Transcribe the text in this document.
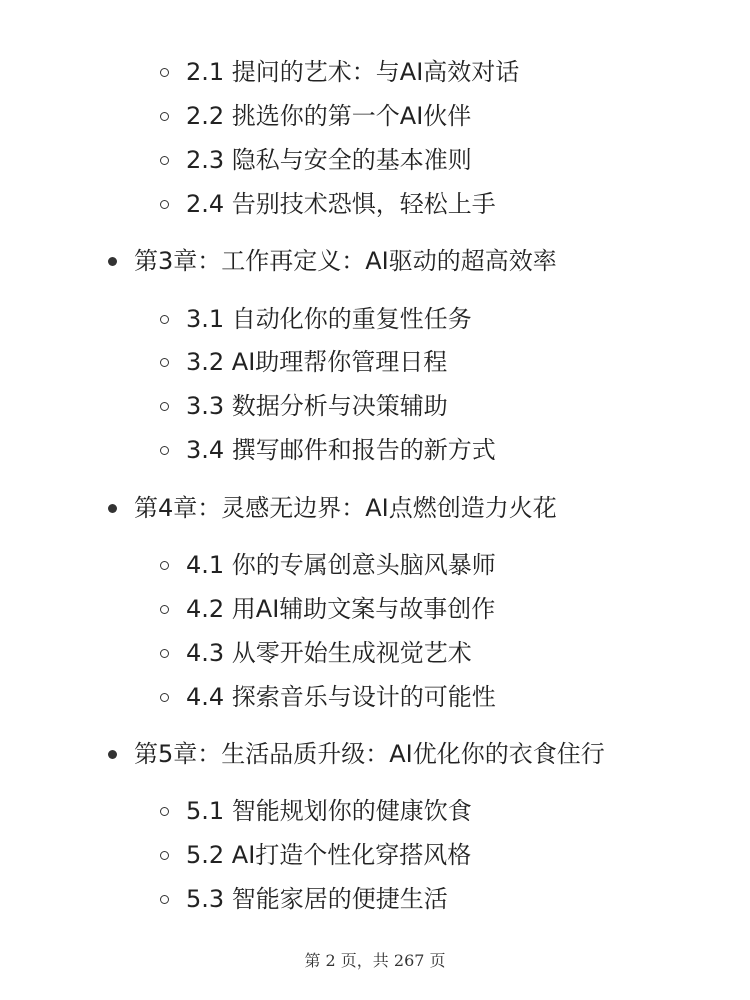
2.1 提问的艺术：与AI高效对话
2.2 挑选你的第一个AI伙伴
2.3 隐私与安全的基本准则
2.4 告别技术恐惧，轻松上手
第3章：工作再定义：AI驱动的超高效率
3.1 自动化你的重复性任务
3.2 AI助理帮你管理日程
3.3 数据分析与决策辅助
3.4 撰写邮件和报告的新方式
第4章：灵感无边界：AI点燃创造力火花
4.1 你的专属创意头脑风暴师
4.2 用AI辅助文案与故事创作
4.3 从零开始生成视觉艺术
4.4 探索音乐与设计的可能性
第5章：生活品质升级：AI优化你的衣食住行
5.1 智能规划你的健康饮食
5.2 AI打造个性化穿搭风格
5.3 智能家居的便捷生活
第 2 页，共 267 页
